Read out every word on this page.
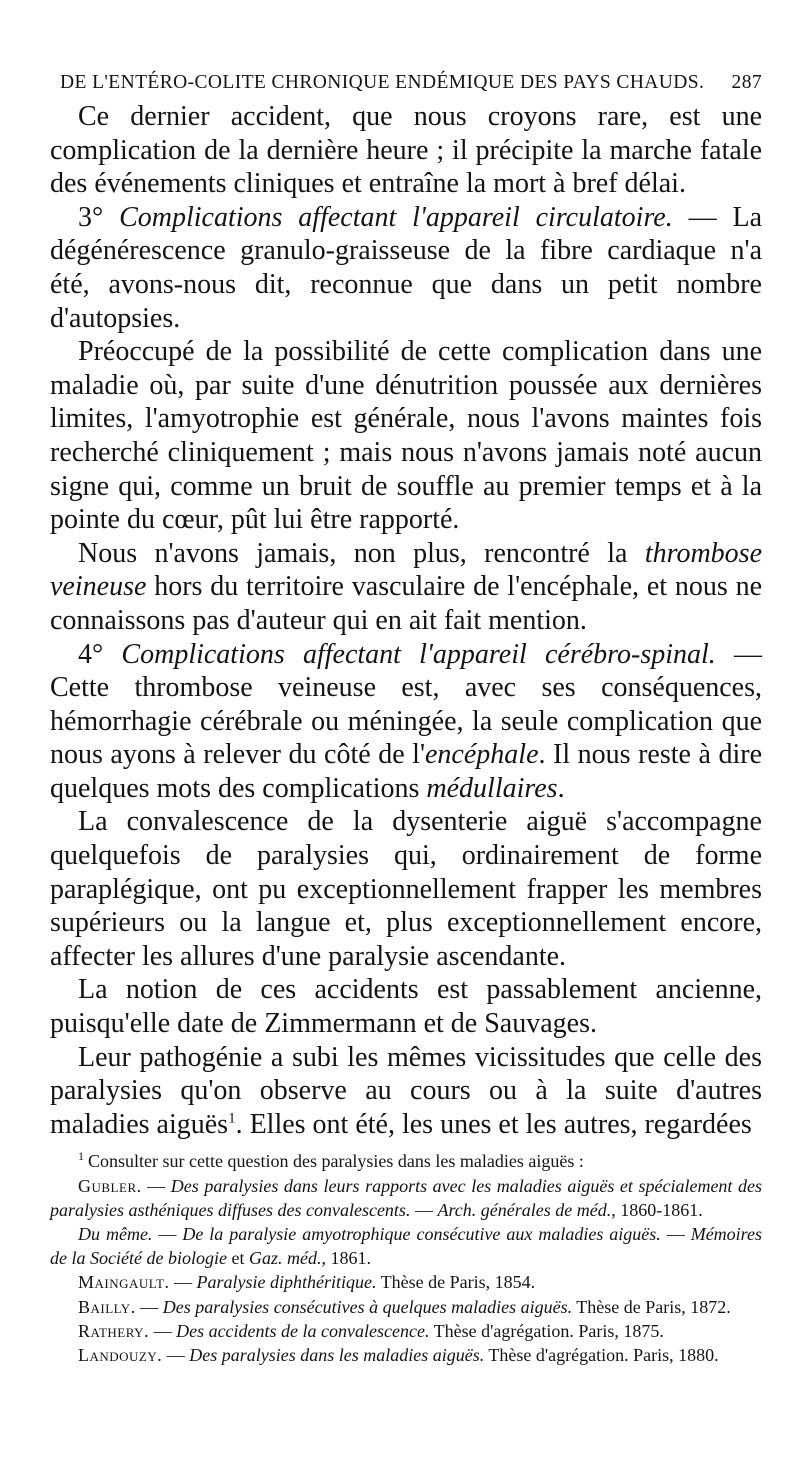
DE L'ENTÉRO-COLITE CHRONIQUE ENDÉMIQUE DES PAYS CHAUDS. 287

Ce dernier accident, que nous croyons rare, est une complication de la dernière heure ; il précipite la marche fatale des événements cliniques et entraîne la mort à bref délai.

3° Complications affectant l'appareil circulatoire. — La dégénérescence granulo-graisseuse de la fibre cardiaque n'a été, avons-nous dit, reconnue que dans un petit nombre d'autopsies.

Préoccupé de la possibilité de cette complication dans une maladie où, par suite d'une dénutrition poussée aux dernières limites, l'amyotrophie est générale, nous l'avons maintes fois recherché cliniquement ; mais nous n'avons jamais noté aucun signe qui, comme un bruit de souffle au premier temps et à la pointe du cœur, pût lui être rapporté.

Nous n'avons jamais, non plus, rencontré la thrombose veineuse hors du territoire vasculaire de l'encéphale, et nous ne connaissons pas d'auteur qui en ait fait mention.

4° Complications affectant l'appareil cérébro-spinal. — Cette thrombose veineuse est, avec ses conséquences, hémorrhagie cérébrale ou méningée, la seule complication que nous ayons à relever du côté de l'encéphale. Il nous reste à dire quelques mots des complications médullaires.

La convalescence de la dysenterie aiguë s'accompagne quelquefois de paralysies qui, ordinairement de forme paraplégique, ont pu exceptionnellement frapper les membres supérieurs ou la langue et, plus exceptionnellement encore, affecter les allures d'une paralysie ascendante.

La notion de ces accidents est passablement ancienne, puisqu'elle date de Zimmermann et de Sauvages.

Leur pathogénie a subi les mêmes vicissitudes que celle des paralysies qu'on observe au cours ou à la suite d'autres maladies aiguës$^1$. Elles ont été, les unes et les autres, regardées

$^1$ Consulter sur cette question des paralysies dans les maladies aiguës :

Gubler. — Des paralysies dans leurs rapports avec les maladies aiguës et spécialement des paralysies asthéniques diffuses des convalescents. — Arch. générales de méd., 1860-1861.

Du même. — De la paralysie amyotrophique consécutive aux maladies aiguës. — Mémoires de la Société de biologie et Gaz. méd., 1861.

Maingault. — Paralysie diphthéritique. Thèse de Paris, 1854.

Bailly. — Des paralysies consécutives à quelques maladies aiguës. Thèse de Paris, 1872.

Rathery. — Des accidents de la convalescence. Thèse d'agrégation. Paris, 1875.

Landouzy. — Des paralysies dans les maladies aiguës. Thèse d'agrégation. Paris, 1880.
